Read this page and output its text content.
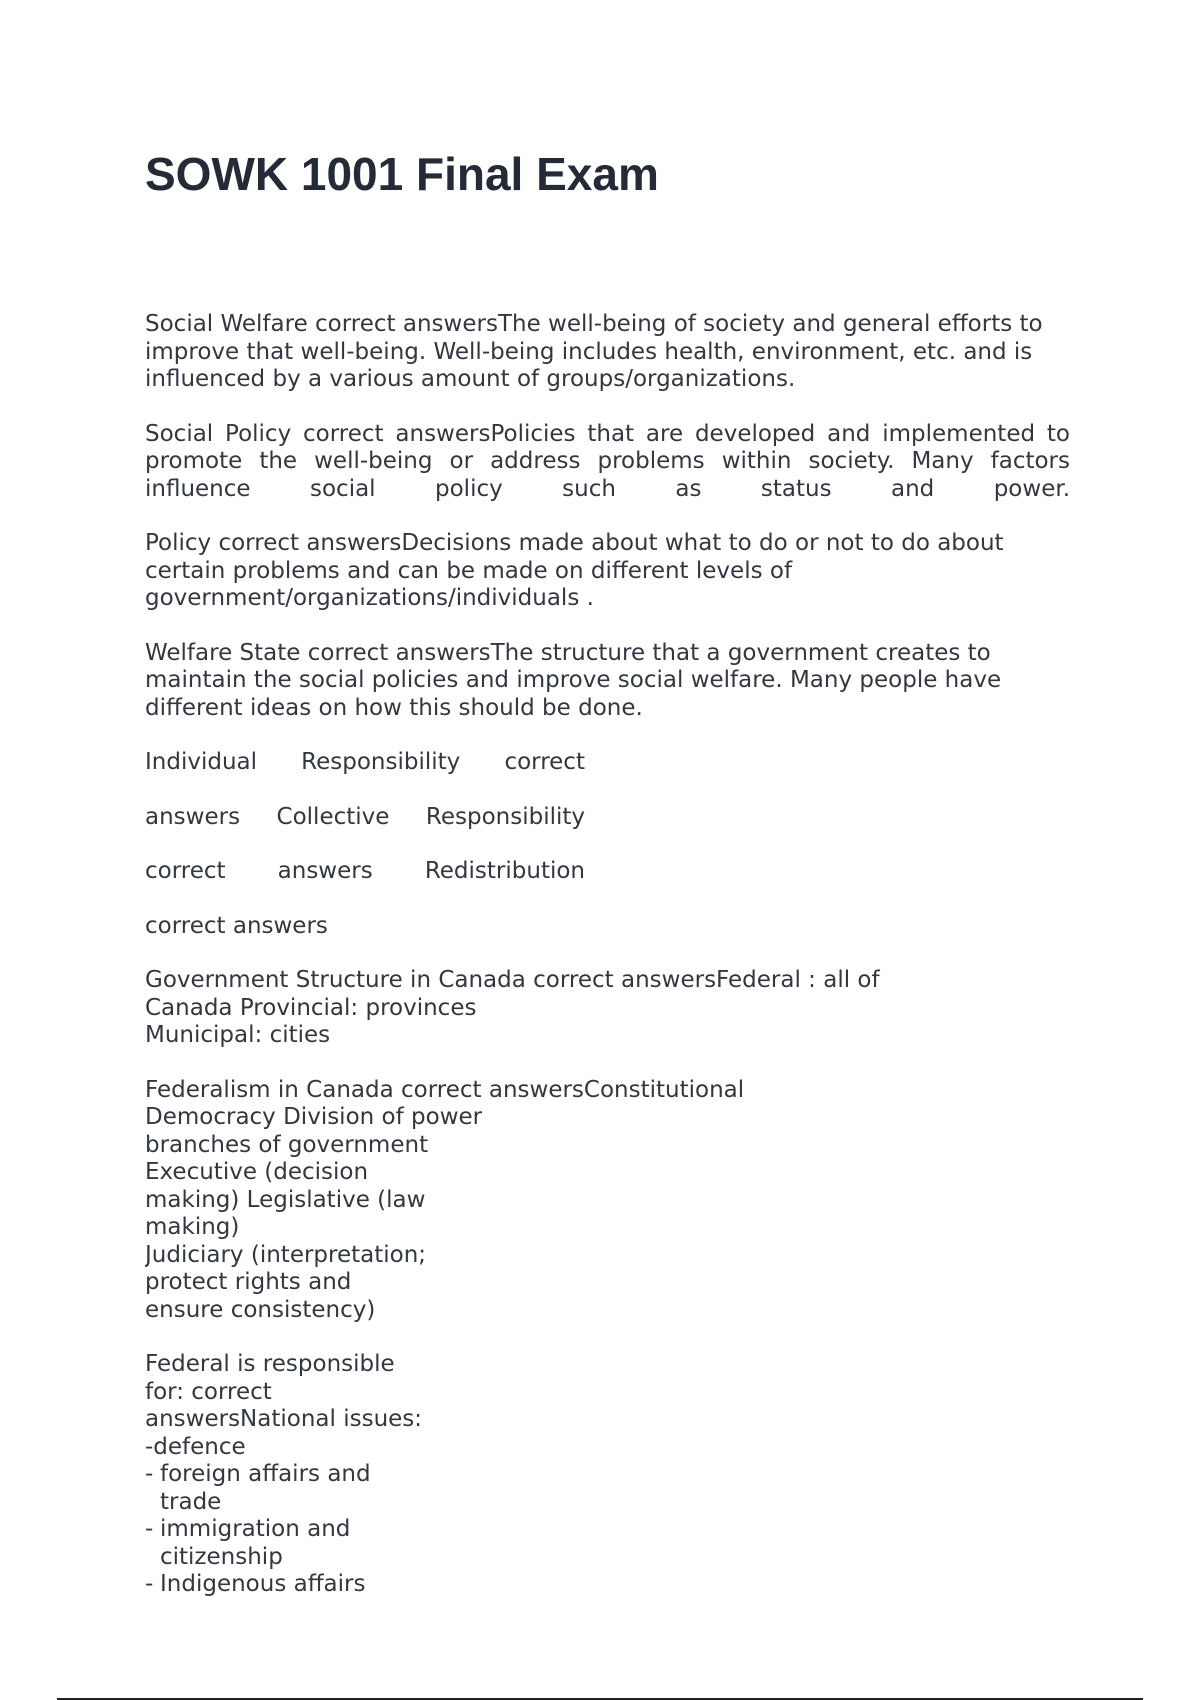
SOWK 1001 Final Exam

Social Welfare correct answersThe well-being of society and general efforts to improve that well-being. Well-being includes health, environment, etc. and is influenced by a various amount of groups/organizations.

Social Policy correct answersPolicies that are developed and implemented to promote the well-being or address problems within society. Many factors influence social policy such as status and power.

Policy correct answersDecisions made about what to do or not to do about certain problems and can be made on different levels of government/organizations/individuals .

Welfare State correct answersThe structure that a government creates to maintain the social policies and improve social welfare. Many people have different ideas on how this should be done.

Individual Responsibility correct
answers Collective Responsibility
correct answers Redistribution

correct answers

Government Structure in Canada correct answersFederal : all of
Canada Provincial: provinces
Municipal: cities
Federalism in Canada correct answersConstitutional
Democracy Division of power
branches of government
Executive (decision
making) Legislative (law
making)
Judiciary (interpretation;
protect rights and
ensure consistency)
Federal is responsible
for: correct
answersNational issues:
-defence
- foreign affairs and
trade
- immigration and
citizenship
- Indigenous affairs
